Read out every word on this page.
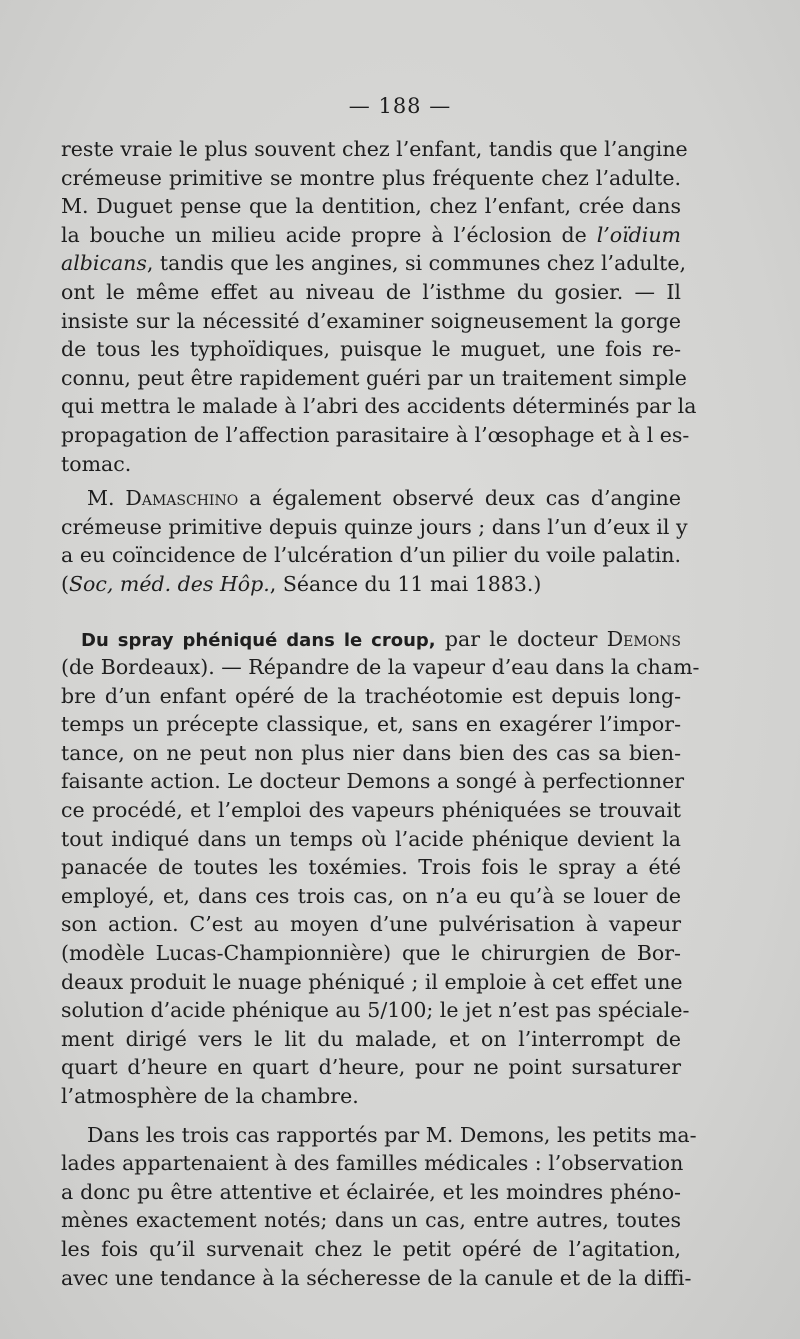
— 188 —
reste vraie le plus souvent chez l’enfant, tandis que l’angine
crémeuse primitive se montre plus fréquente chez l’adulte.
M. Duguet pense que la dentition, chez l’enfant, crée dans
la bouche un milieu acide propre à l’éclosion de l’oïdium
albicans, tandis que les angines, si communes chez l’adulte,
ont le même effet au niveau de l’isthme du gosier. — Il
insiste sur la nécessité d’examiner soigneusement la gorge
de tous les typhoïdiques, puisque le muguet, une fois re-
connu, peut être rapidement guéri par un traitement simple
qui mettra le malade à l’abri des accidents déterminés par la
propagation de l’affection parasitaire à l’œsophage et à l es-
tomac.
M. Damaschino a également observé deux cas d’angine
crémeuse primitive depuis quinze jours ; dans l’un d’eux il y
a eu coïncidence de l’ulcération d’un pilier du voile palatin.
(Soc, méd. des Hôp., Séance du 11 mai 1883.)
Du spray phéniqué dans le croup, par le docteur Demons
(de Bordeaux). — Répandre de la vapeur d’eau dans la cham-
bre d’un enfant opéré de la trachéotomie est depuis long-
temps un précepte classique, et, sans en exagérer l’impor-
tance, on ne peut non plus nier dans bien des cas sa bien-
faisante action. Le docteur Demons a songé à perfectionner
ce procédé, et l’emploi des vapeurs phéniquées se trouvait
tout indiqué dans un temps où l’acide phénique devient la
panacée de toutes les toxémies. Trois fois le spray a été
employé, et, dans ces trois cas, on n’a eu qu’à se louer de
son action. C’est au moyen d’une pulvérisation à vapeur
(modèle Lucas-Championnière) que le chirurgien de Bor-
deaux produit le nuage phéniqué ; il emploie à cet effet une
solution d’acide phénique au 5/100; le jet n’est pas spéciale-
ment dirigé vers le lit du malade, et on l’interrompt de
quart d’heure en quart d’heure, pour ne point sursaturer
l’atmosphère de la chambre.
Dans les trois cas rapportés par M. Demons, les petits ma-
lades appartenaient à des familles médicales : l’observation
a donc pu être attentive et éclairée, et les moindres phéno-
mènes exactement notés; dans un cas, entre autres, toutes
les fois qu’il survenait chez le petit opéré de l’agitation,
avec une tendance à la sécheresse de la canule et de la diffi-
